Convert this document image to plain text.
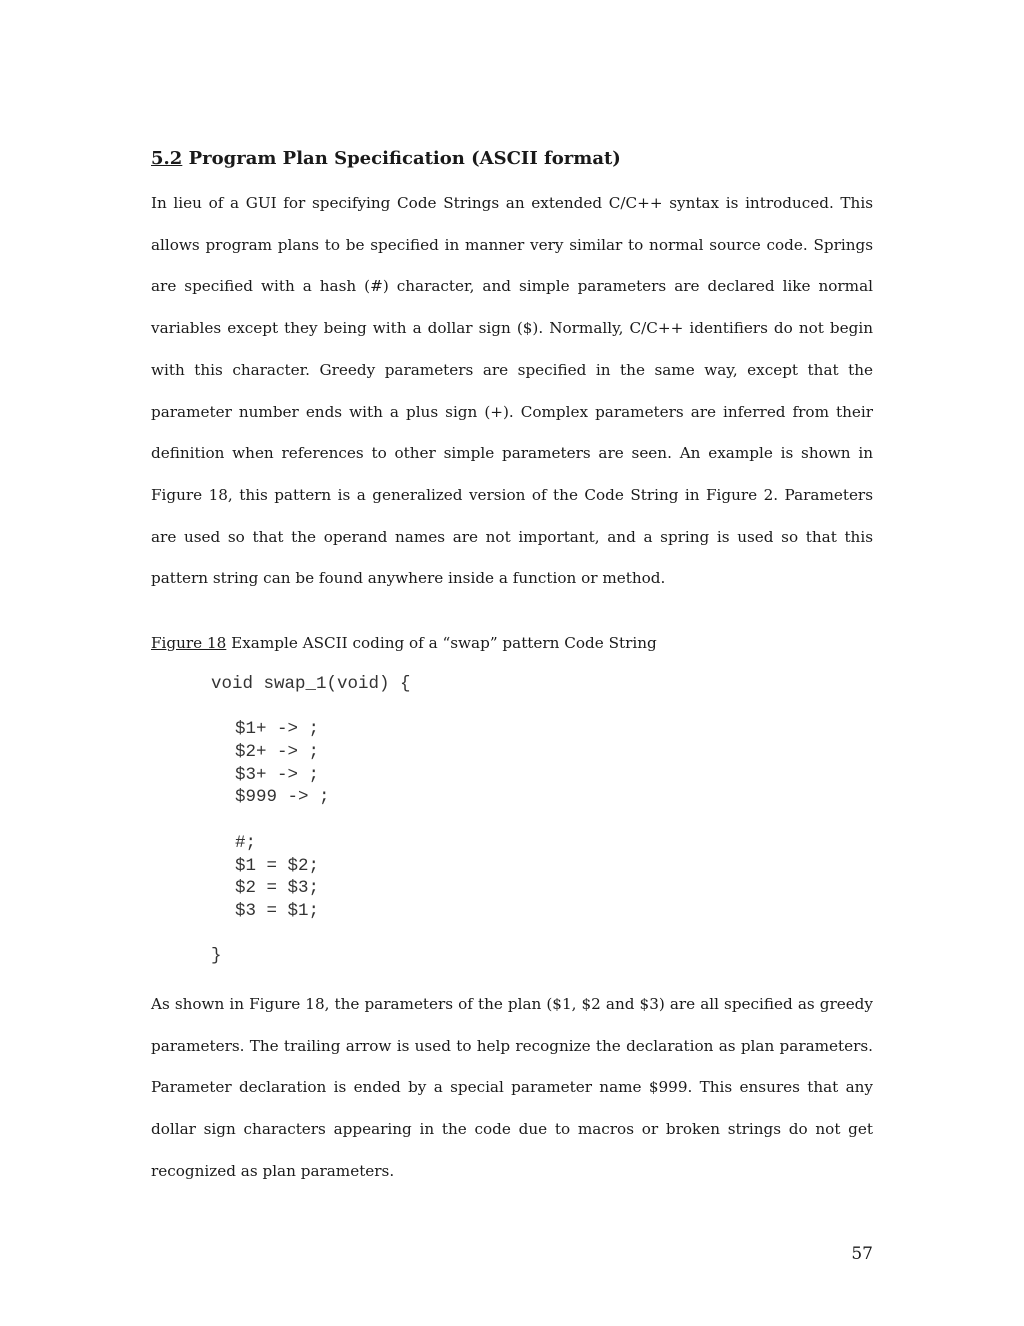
5.2 Program Plan Specification (ASCII format)

In lieu of a GUI for specifying Code Strings an extended C/C++ syntax is introduced. This allows program plans to be specified in manner very similar to normal source code. Springs are specified with a hash (#) character, and simple parameters are declared like normal variables except they being with a dollar sign ($). Normally, C/C++ identifiers do not begin with this character. Greedy parameters are specified in the same way, except that the parameter number ends with a plus sign (+). Complex parameters are inferred from their definition when references to other simple parameters are seen. An example is shown in Figure 18, this pattern is a generalized version of the Code String in Figure 2. Parameters are used so that the operand names are not important, and a spring is used so that this pattern string can be found anywhere inside a function or method.

Figure 18 Example ASCII coding of a “swap” pattern Code String

void swap_1(void) {
$1+ -> ;
$2+ -> ;
$3+ -> ;
$999 -> ;
#;
$1 = $2;
$2 = $3;
$3 = $1;
}

As shown in Figure 18, the parameters of the plan ($1, $2 and $3) are all specified as greedy parameters. The trailing arrow is used to help recognize the declaration as plan parameters. Parameter declaration is ended by a special parameter name $999. This ensures that any dollar sign characters appearing in the code due to macros or broken strings do not get recognized as plan parameters.

57
